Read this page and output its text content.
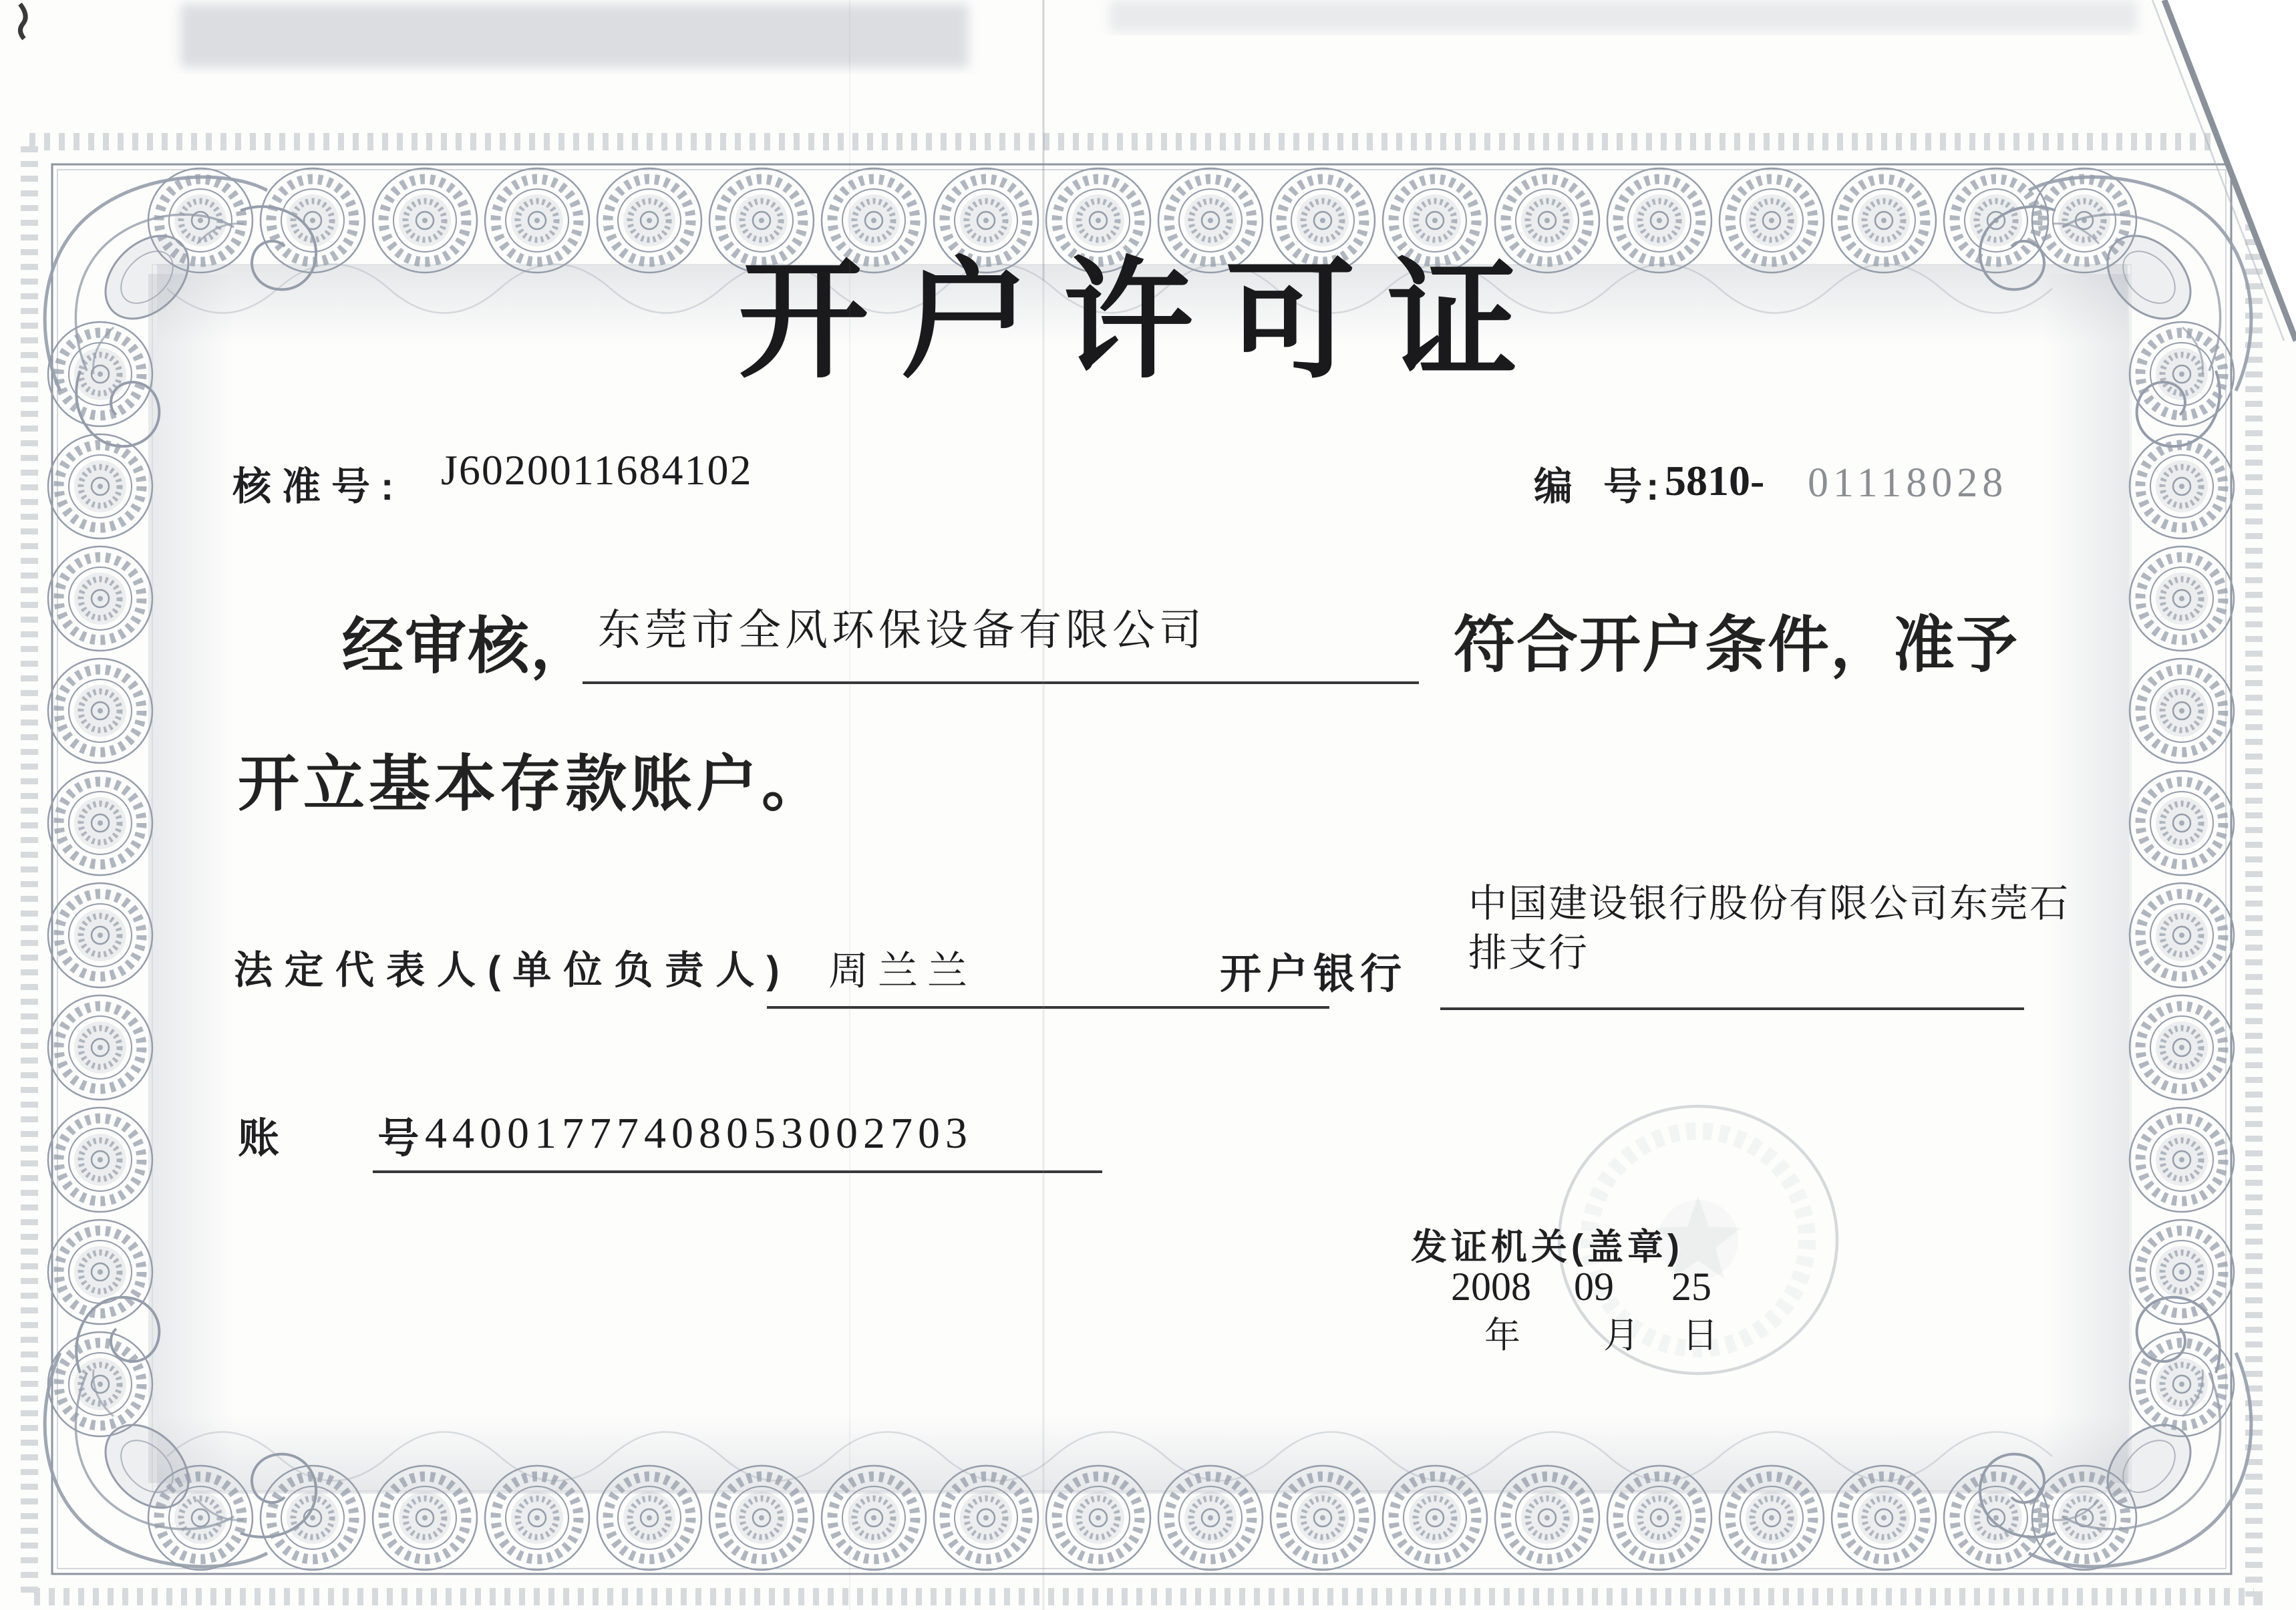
开户许可证
核准号: J6020011684102	编 号: 5810- 01118028
经审核， 东莞市全风环保设备有限公司	符合开户条件，准予
开立基本存款账户。
法定代表人(单位负责人) 周兰兰	开户银行
中国建设银行股份有限公司东莞石排支行
账 号 44001777408053002703
发证机关(盖章)
2008 09 25
年 月 日
